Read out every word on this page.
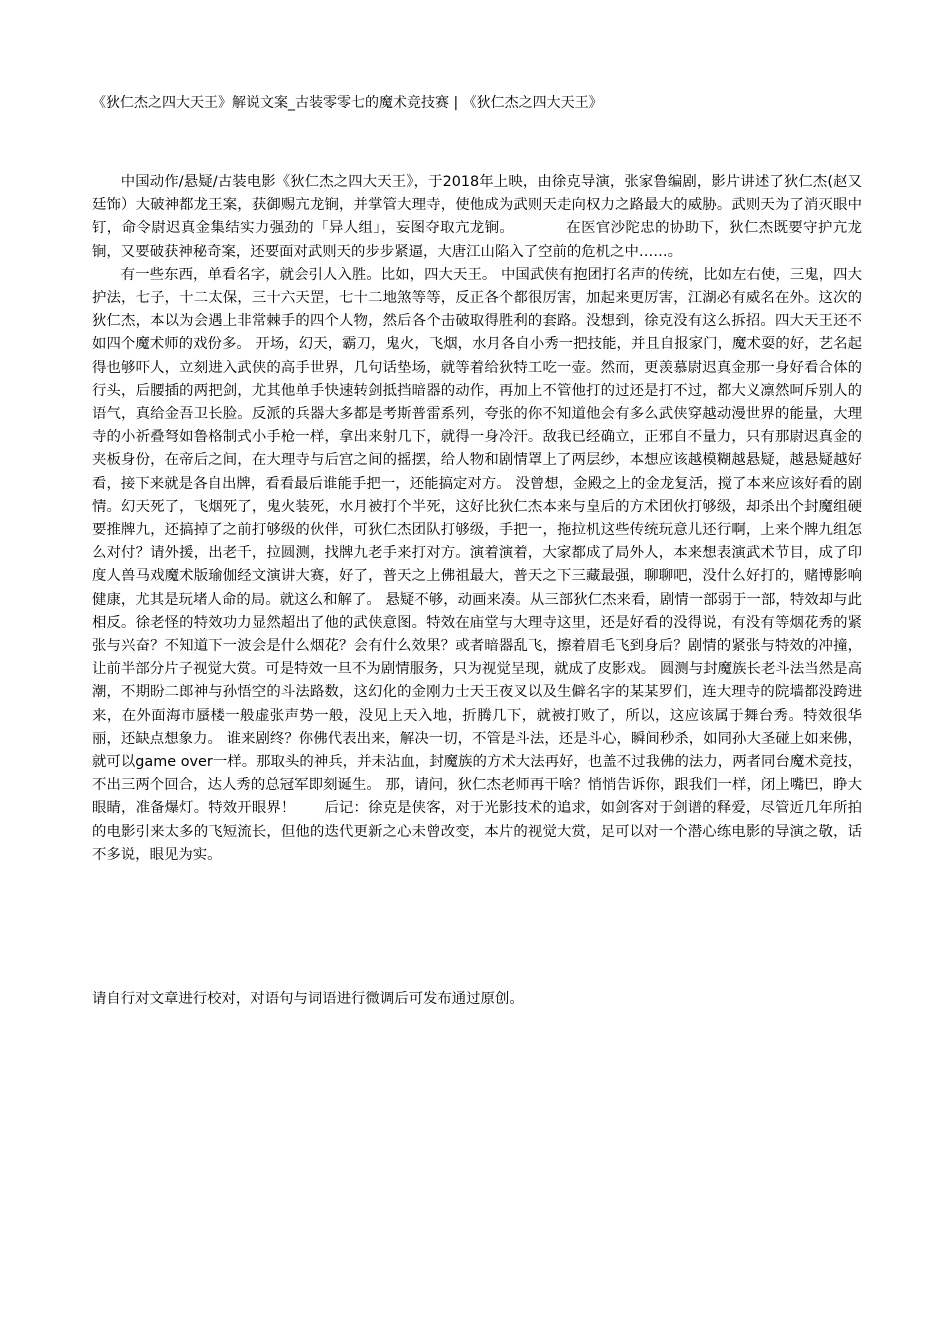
《狄仁杰之四大天王》解说文案_古装零零七的魔术竞技赛 | 《狄仁杰之四大天王》

中国动作/悬疑/古装电影《狄仁杰之四大天王》，于2018年上映，由徐克导演，张家鲁编剧，影片讲述了狄仁杰(赵又廷饰）大破神都龙王案，获御赐亢龙锏，并掌管大理寺，使他成为武则天走向权力之路最大的威胁。武则天为了消灭眼中钉，命令尉迟真金集结实力强劲的「异人组」，妄图夺取亢龙锏。　　　　在医官沙陀忠的协助下，狄仁杰既要守护亢龙锏，又要破获神秘奇案，还要面对武则天的步步紧逼，大唐江山陷入了空前的危机之中……。

有一些东西，单看名字，就会引人入胜。比如，四大天王。 中国武侠有抱团打名声的传统，比如左右使，三鬼，四大护法，七子，十二太保，三十六天罡，七十二地煞等等，反正各个都很厉害，加起来更厉害，江湖必有威名在外。这次的狄仁杰，本以为会遇上非常棘手的四个人物，然后各个击破取得胜利的套路。没想到，徐克没有这么拆招。四大天王还不如四个魔术师的戏份多。 开场，幻天，霸刀，鬼火，飞烟，水月各自小秀一把技能，并且自报家门，魔术耍的好，艺名起得也够吓人，立刻进入武侠的高手世界，几句话垫场，就等着给狄特工吃一壶。然而，更羡慕尉迟真金那一身好看合体的行头，后腰插的两把剑，尤其他单手快速转剑抵挡暗器的动作，再加上不管他打的过还是打不过，都大义凛然呵斥别人的语气，真给金吾卫长脸。反派的兵器大多都是考斯普雷系列，夸张的你不知道他会有多么武侠穿越动漫世界的能量，大理寺的小祈叠弩如鲁格制式小手枪一样，拿出来射几下，就得一身冷汗。敌我已经确立，正邪自不量力，只有那尉迟真金的夹板身份，在帝后之间，在大理寺与后宫之间的摇摆，给人物和剧情罩上了两层纱，本想应该越模糊越悬疑，越悬疑越好看，接下来就是各自出牌，看看最后谁能手把一，还能搞定对方。 没曾想，金殿之上的金龙复活，搅了本来应该好看的剧情。幻天死了，飞烟死了，鬼火装死，水月被打个半死，这好比狄仁杰本来与皇后的方术团伙打够级，却杀出个封魔组硬要推牌九，还搞掉了之前打够级的伙伴，可狄仁杰团队打够级，手把一，拖拉机这些传统玩意儿还行啊，上来个牌九组怎么对付？请外援，出老千，拉圆测，找牌九老手来打对方。演着演着，大家都成了局外人，本来想表演武术节目，成了印度人兽马戏魔术版瑜伽经文演讲大赛，好了，普天之上佛祖最大，普天之下三藏最强，聊聊吧，没什么好打的，赌博影响健康，尤其是玩堵人命的局。就这么和解了。 悬疑不够，动画来凑。从三部狄仁杰来看，剧情一部弱于一部，特效却与此相反。徐老怪的特效功力显然超出了他的武侠意图。特效在庙堂与大理寺这里，还是好看的没得说，有没有等烟花秀的紧张与兴奋？不知道下一波会是什么烟花？会有什么效果？或者暗器乱飞，擦着眉毛飞到身后？剧情的紧张与特效的冲撞，让前半部分片子视觉大赏。可是特效一旦不为剧情服务，只为视觉呈现，就成了皮影戏。 圆测与封魔族长老斗法当然是高潮，不期盼二郎神与孙悟空的斗法路数，这幻化的金刚力士天王夜叉以及生僻名字的某某罗们，连大理寺的院墙都没跨进来，在外面海市蜃楼一般虚张声势一般，没见上天入地，折腾几下，就被打败了，所以，这应该属于舞台秀。特效很华丽，还缺点想象力。 谁来剧终？你佛代表出来，解决一切，不管是斗法，还是斗心，瞬间秒杀，如同孙大圣碰上如来佛，就可以game over一样。那取头的神兵，并未沾血，封魔族的方术大法再好，也盖不过我佛的法力，两者同台魔术竞技，不出三两个回合，达人秀的总冠军即刻诞生。 那，请问，狄仁杰老师再干啥？悄悄告诉你，跟我们一样，闭上嘴巴，睁大眼睛，准备爆灯。特效开眼界！　　后记：徐克是侠客，对于光影技术的追求，如剑客对于剑谱的释爱，尽管近几年所拍的电影引来太多的飞短流长，但他的迭代更新之心未曾改变，本片的视觉大赏，足可以对一个潜心练电影的导演之敬，话不多说，眼见为实。

请自行对文章进行校对，对语句与词语进行微调后可发布通过原创。
